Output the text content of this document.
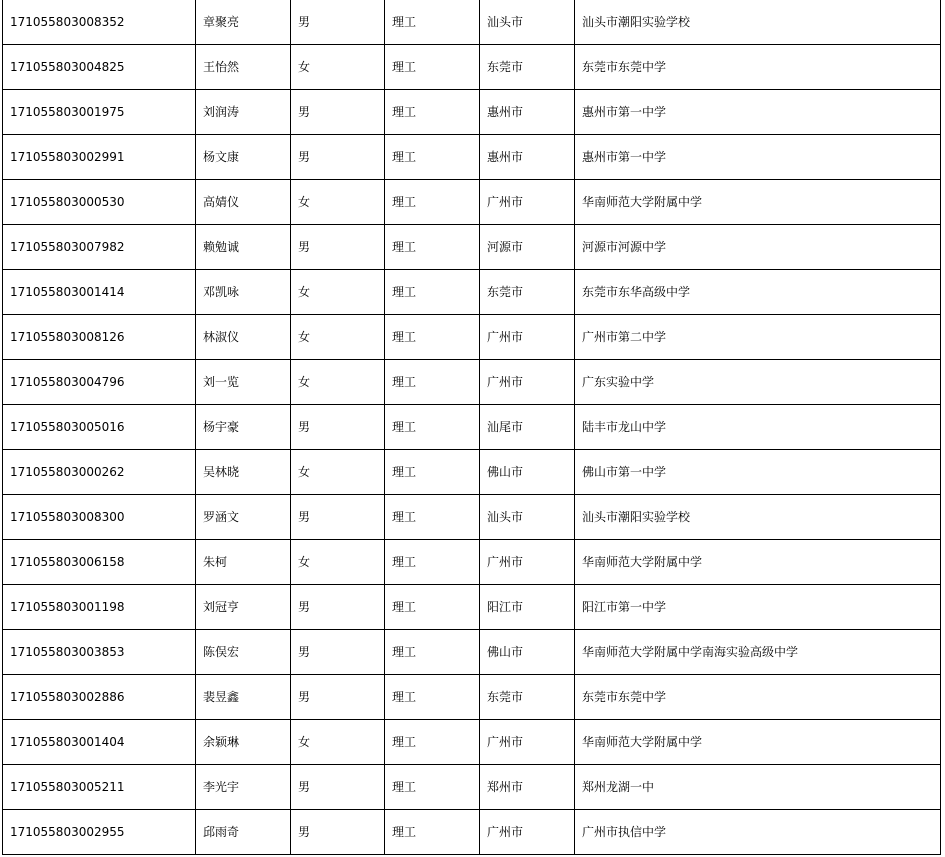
171055803008352	章聚亮	男	理工	汕头市	汕头市潮阳实验学校
171055803004825	王怡然	女	理工	东莞市	东莞市东莞中学
171055803001975	刘润涛	男	理工	惠州市	惠州市第一中学
171055803002991	杨文康	男	理工	惠州市	惠州市第一中学
171055803000530	高婧仪	女	理工	广州市	华南师范大学附属中学
171055803007982	赖勉诚	男	理工	河源市	河源市河源中学
171055803001414	邓凯咏	女	理工	东莞市	东莞市东华高级中学
171055803008126	林淑仪	女	理工	广州市	广州市第二中学
171055803004796	刘一览	女	理工	广州市	广东实验中学
171055803005016	杨宇豪	男	理工	汕尾市	陆丰市龙山中学
171055803000262	吴林晓	女	理工	佛山市	佛山市第一中学
171055803008300	罗涵文	男	理工	汕头市	汕头市潮阳实验学校
171055803006158	朱柯	女	理工	广州市	华南师范大学附属中学
171055803001198	刘冠亨	男	理工	阳江市	阳江市第一中学
171055803003853	陈俣宏	男	理工	佛山市	华南师范大学附属中学南海实验高级中学
171055803002886	裴昱鑫	男	理工	东莞市	东莞市东莞中学
171055803001404	余颖琳	女	理工	广州市	华南师范大学附属中学
171055803005211	李光宇	男	理工	郑州市	郑州龙湖一中
171055803002955	邱雨奇	男	理工	广州市	广州市执信中学
